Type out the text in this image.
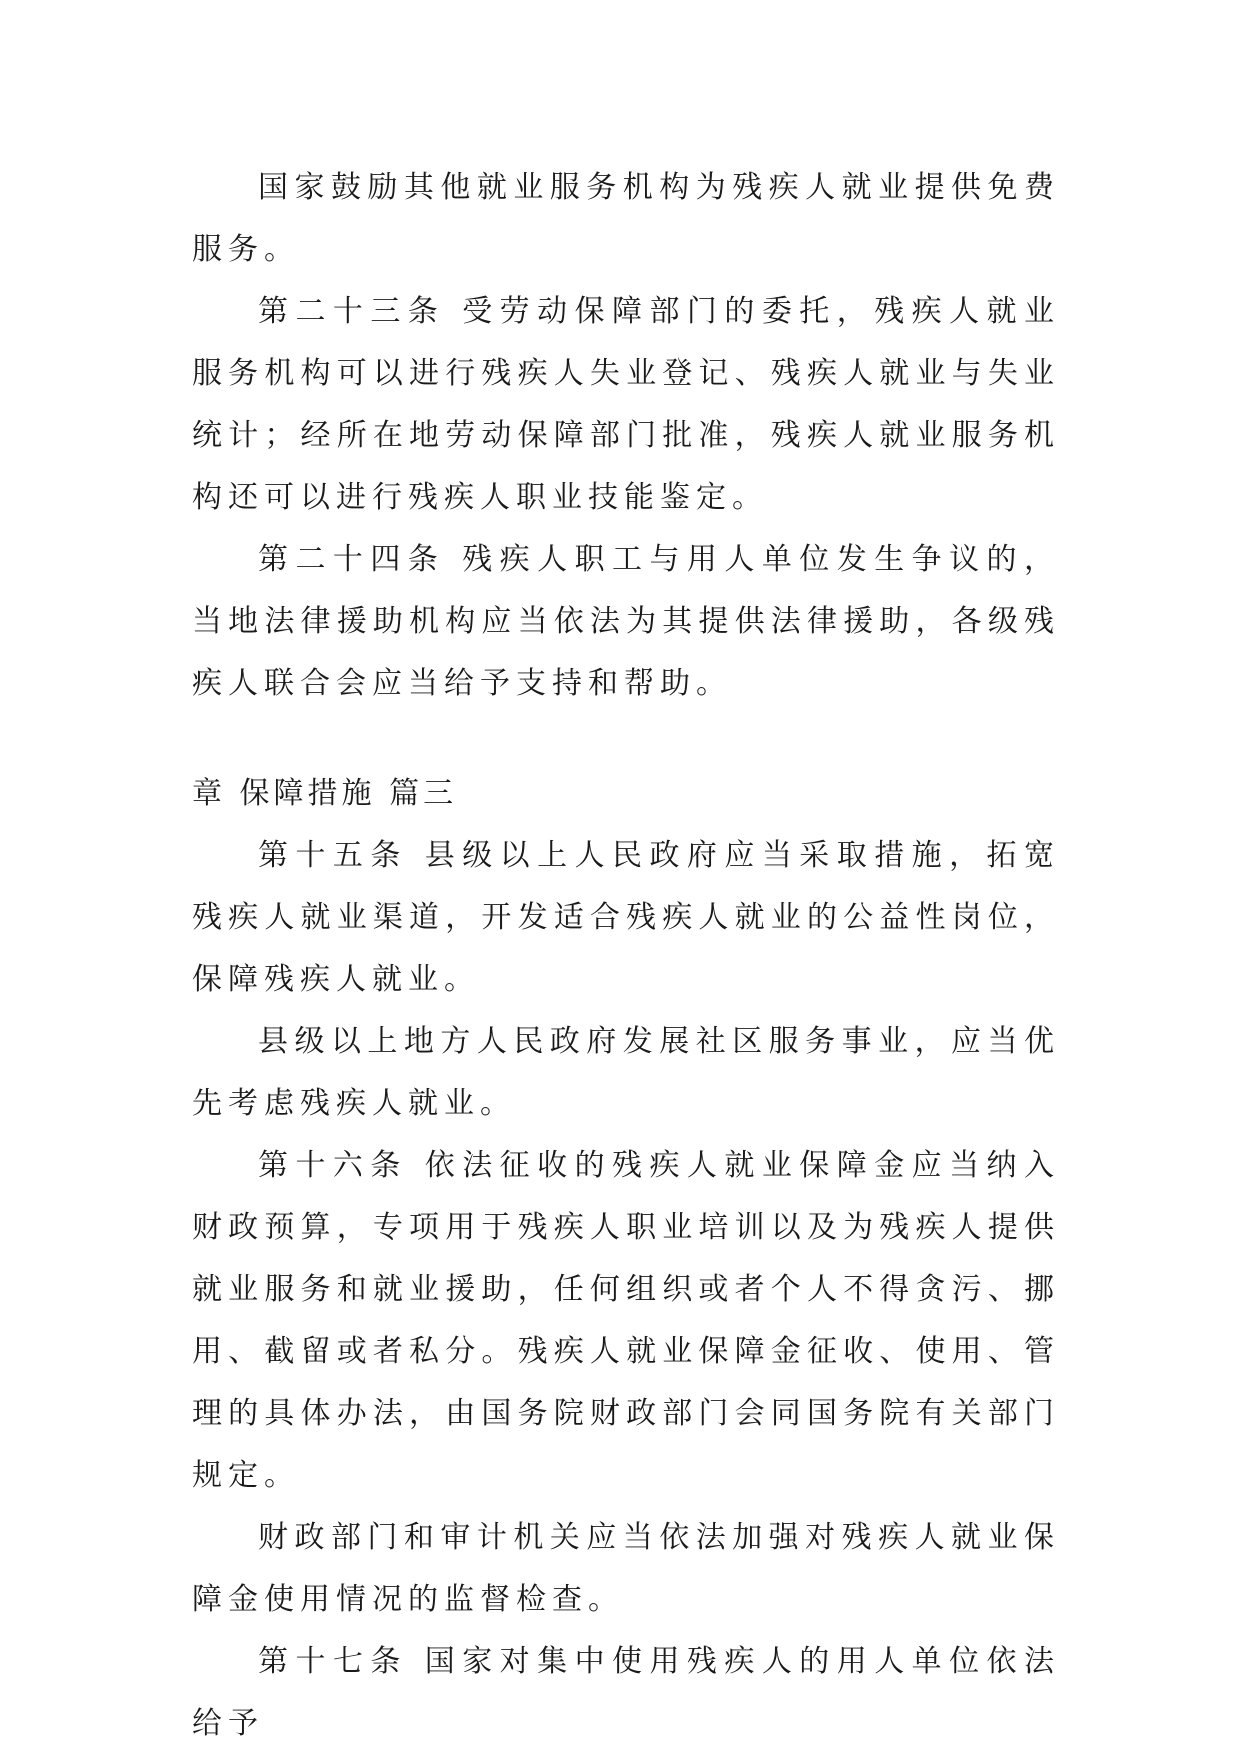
国家鼓励其他就业服务机构为残疾人就业提供免费服务。

第二十三条 受劳动保障部门的委托，残疾人就业服务机构可以进行残疾人失业登记、残疾人就业与失业统计；经所在地劳动保障部门批准，残疾人就业服务机构还可以进行残疾人职业技能鉴定。

第二十四条 残疾人职工与用人单位发生争议的，当地法律援助机构应当依法为其提供法律援助，各级残疾人联合会应当给予支持和帮助。

章 保障措施 篇三

第十五条 县级以上人民政府应当采取措施，拓宽残疾人就业渠道，开发适合残疾人就业的公益性岗位，保障残疾人就业。

县级以上地方人民政府发展社区服务事业，应当优先考虑残疾人就业。

第十六条 依法征收的残疾人就业保障金应当纳入财政预算，专项用于残疾人职业培训以及为残疾人提供就业服务和就业援助，任何组织或者个人不得贪污、挪用、截留或者私分。残疾人就业保障金征收、使用、管理的具体办法，由国务院财政部门会同国务院有关部门规定。

财政部门和审计机关应当依法加强对残疾人就业保障金使用情况的监督检查。

第十七条 国家对集中使用残疾人的用人单位依法给予
